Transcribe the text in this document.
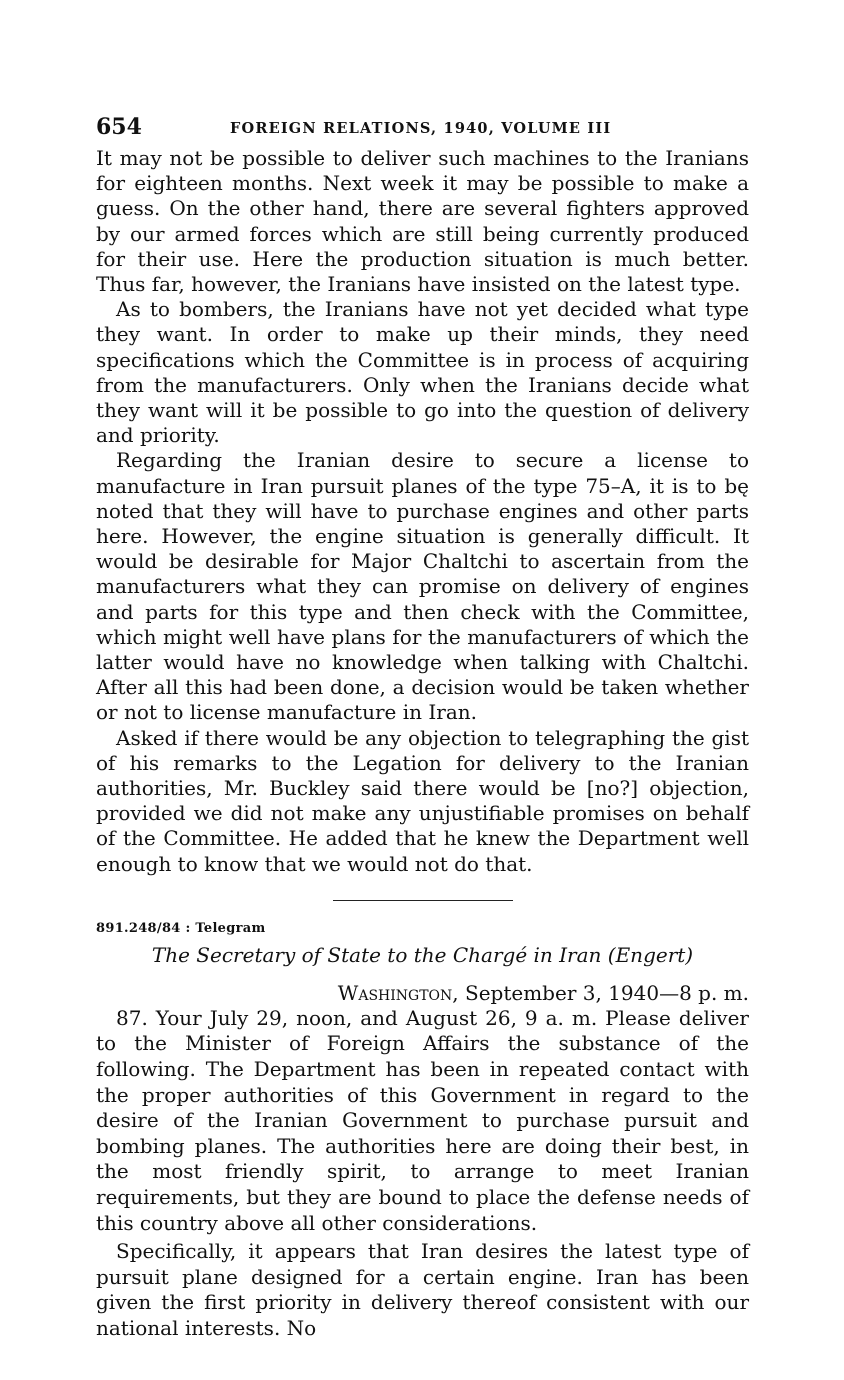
654	FOREIGN RELATIONS, 1940, VOLUME III

It may not be possible to deliver such machines to the Iranians for eighteen months. Next week it may be possible to make a guess. On the other hand, there are several fighters approved by our armed forces which are still being currently produced for their use. Here the production situation is much better. Thus far, however, the Iranians have insisted on the latest type.

As to bombers, the Iranians have not yet decided what type they want. In order to make up their minds, they need specifications which the Committee is in process of acquiring from the manufacturers. Only when the Iranians decide what they want will it be possible to go into the question of delivery and priority.

Regarding the Iranian desire to secure a license to manufacture in Iran pursuit planes of the type 75–A, it is to bę noted that they will have to purchase engines and other parts here. However, the engine situation is generally difficult. It would be desirable for Major Chaltchi to ascertain from the manufacturers what they can promise on delivery of engines and parts for this type and then check with the Committee, which might well have plans for the manufacturers of which the latter would have no knowledge when talking with Chaltchi. After all this had been done, a decision would be taken whether or not to license manufacture in Iran.

Asked if there would be any objection to telegraphing the gist of his remarks to the Legation for delivery to the Iranian authorities, Mr. Buckley said there would be [no?] objection, provided we did not make any unjustifiable promises on behalf of the Committee. He added that he knew the Department well enough to know that we would not do that.

891.248/84 : Telegram
The Secretary of State to the Chargé in Iran (Engert)
Washington, September 3, 1940—8 p. m.

87. Your July 29, noon, and August 26, 9 a. m. Please deliver to the Minister of Foreign Affairs the substance of the following. The Department has been in repeated contact with the proper authorities of this Government in regard to the desire of the Iranian Government to purchase pursuit and bombing planes. The authorities here are doing their best, in the most friendly spirit, to arrange to meet Iranian requirements, but they are bound to place the defense needs of this country above all other considerations.

Specifically, it appears that Iran desires the latest type of pursuit plane designed for a certain engine. Iran has been given the first priority in delivery thereof consistent with our national interests. No
